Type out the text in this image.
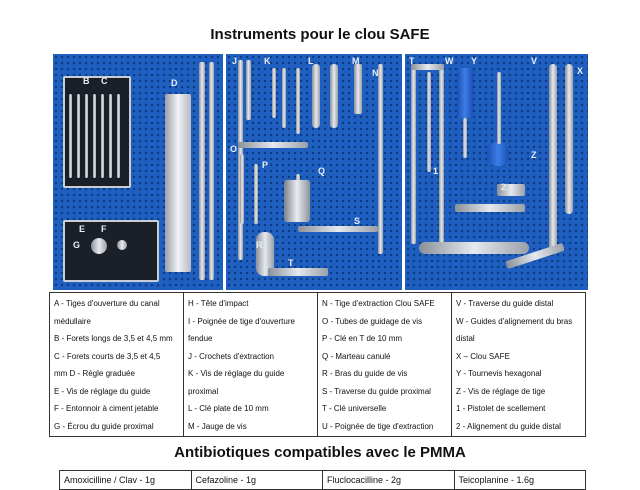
Instruments pour le clou SAFE
B C	D
E F
G
J	K	L	M
N
O
P
Q
R
S
T
T	W Y	V
1
2
Z
X
A - Tiges d'ouverture du canal
médullaire
B - Forets longs de 3,5 et 4,5 mm
C - Forets courts de 3,5 et 4,5
mm D - Règle graduée
E - Vis de réglage du guide
F - Entonnoir à ciment jetable
G - Écrou du guide proximal

H - Tête d'impact
I - Poignée de tige d'ouverture
fendue
J - Crochets d'extraction
K - Vis de réglage du guide
proximal
L - Clé plate de 10 mm
M - Jauge de vis

N - Tige d'extraction Clou SAFE
O - Tubes de guidage de vis
P - Clé en T de 10 mm
Q - Marteau canulé
R - Bras du guide de vis
S - Traverse du guide proximal
T - Clé universelle
U - Poignée de tige d'extraction

V - Traverse du guide distal
W - Guides d'alignement du bras
distal
X – Clou SAFE
Y - Tournevis hexagonal
Z - Vis de réglage de tige
1 - Pistolet de scellement
2 - Alignement du guide distal
Antibiotiques compatibles avec le PMMA
Amoxicilline / Clav - 1g	Cefazoline - 1g	Fluclocacilline - 2g	Teicoplanine - 1.6g
